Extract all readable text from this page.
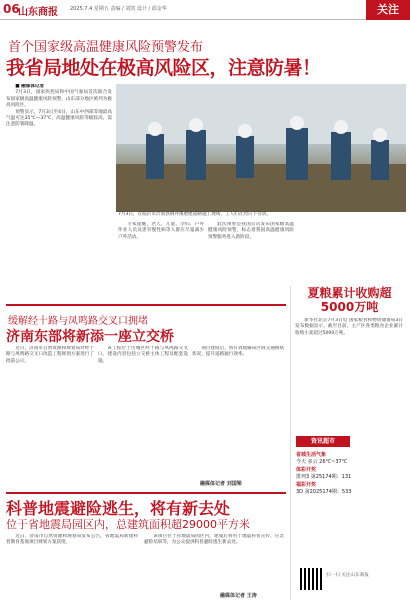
06
山东商报 2025.7.4 星期五 责编 / 刘凯 设计 / 邱金华	关注
首个国家级高温健康风险预警发布
我省局地处在极高风险区，注意防暑！

■ 融媒体记者

7月3日，国家疾控局和中国气象局首次联合发布国家级高温健康风险预警，山东部分地区被列为极高风险区。

预警显示，7月3日至4日，山东中西部等地最高气温可达35℃—37℃，高温健康风险等级较高，需注意防暑降温。

7月3日，在临沂市沂南县钢井镇重建道路施工现场，工人们在烈日下劳动。

专家提醒，老人、儿童、孕妇、户外作业人员及患有慢性病等人群应尽量减少户外活动。

此次预警是我国首次发布国家级高温健康风险预警，标志着我国高温健康风险预警服务进入新阶段。

缓解经十路与凤鸣路交叉口拥堵
济南东部将新添一座立交桥

近日，济南市自然资源和规划局对经十路与凤鸣路交叉口改造工程规划方案进行了批前公示。

该工程位于历城区经十路与凤鸣路交叉口，建设内容包括立交桥主体工程及配套设施。

项目建成后，将有效缓解该区域交通拥堵状况，提升道路通行效率。

融媒体记者 刘国梁
夏粮累计收购超5000万吨

新华社北京7月3日电 国家粮食和物资储备局3日发布数据显示，截至目前，主产区各类粮食企业累计收购小麦超过5000万吨。

资讯超市
省城生活气象
今天 多云 26℃~37℃
体彩开奖
排列3 第25174期：131
福彩开奖
3D 第2025174期：533
扫一扫 关注山东商报
科普地震避险逃生，将有新去处
位于省地震局园区内，总建筑面积超29000平方米

近日，济南市自然资源和规划局发布公告，省地震局新建科普教育基地项目规划方案获批。

该项目位于省地震局园区内，建成后将用于地震科普宣传、应急避险培训等，为公众提供科普避险逃生新去处。

融媒体记者 王涛
